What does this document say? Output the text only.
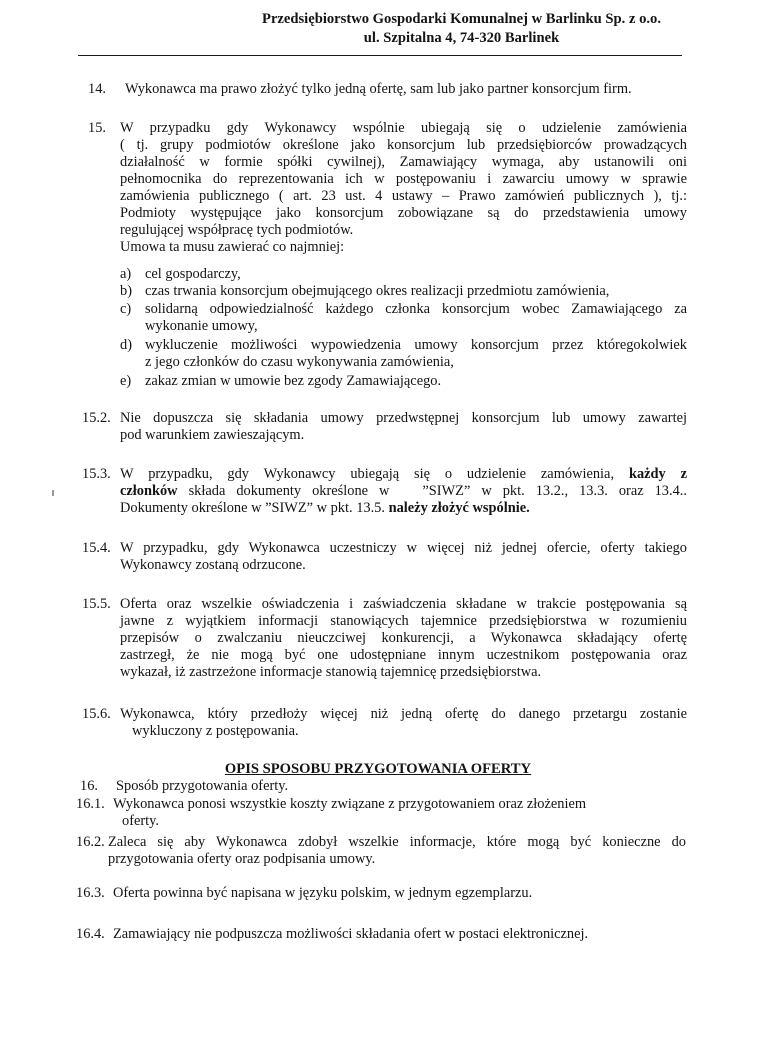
Przedsiębiorstwo Gospodarki Komunalnej w Barlinku Sp. z o.o.
ul. Szpitalna 4, 74-320 Barlinek
14. Wykonawca ma prawo złożyć tylko jedną ofertę, sam lub jako partner konsorcjum firm.
15. W przypadku gdy Wykonawcy wspólnie ubiegają się o udzielenie zamówienia
( tj. grupy podmiotów określone jako konsorcjum lub przedsiębiorców prowadzących
działalność w formie spółki cywilnej), Zamawiający wymaga, aby ustanowili oni
pełnomocnika do reprezentowania ich w postępowaniu i zawarciu umowy w sprawie
zamówienia publicznego ( art. 23 ust. 4 ustawy – Prawo zamówień publicznych ), tj.:
Podmioty występujące jako konsorcjum zobowiązane są do przedstawienia umowy
regulującej współpracę tych podmiotów.
Umowa ta musu zawierać co najmniej:
a) cel gospodarczy,
b) czas trwania konsorcjum obejmującego okres realizacji przedmiotu zamówienia,
c) solidarną odpowiedzialność każdego członka konsorcjum wobec Zamawiającego za
wykonanie umowy,
d) wykluczenie możliwości wypowiedzenia umowy konsorcjum przez któregokolwiek
z jego członków do czasu wykonywania zamówienia,
e) zakaz zmian w umowie bez zgody Zamawiającego.
15.2. Nie dopuszcza się składania umowy przedwstępnej konsorcjum lub umowy zawartej
pod warunkiem zawieszającym.
15.3. W przypadku, gdy Wykonawcy ubiegają się o udzielenie zamówienia, każdy z
członków składa dokumenty określone w   ”SIWZ” w pkt. 13.2., 13.3. oraz 13.4..
Dokumenty określone w ”SIWZ” w pkt. 13.5. należy złożyć wspólnie.
15.4. W przypadku, gdy Wykonawca uczestniczy w więcej niż jednej ofercie, oferty takiego
Wykonawcy zostaną odrzucone.
15.5. Oferta oraz wszelkie oświadczenia i zaświadczenia składane w trakcie postępowania są
jawne z wyjątkiem informacji stanowiących tajemnice przedsiębiorstwa w rozumieniu
przepisów o zwalczaniu nieuczciwej konkurencji, a Wykonawca składający ofertę
zastrzegł, że nie mogą być one udostępniane innym uczestnikom postępowania oraz
wykazał, iż zastrzeżone informacje stanowią tajemnicę przedsiębiorstwa.
15.6. Wykonawca, który przedłoży więcej niż jedną ofertę do danego przetargu zostanie
wykluczony z postępowania.
OPIS SPOSOBU PRZYGOTOWANIA OFERTY
16. Sposób przygotowania oferty.
16.1. Wykonawca ponosi wszystkie koszty związane z przygotowaniem oraz złożeniem
oferty.
16.2. Zaleca się aby Wykonawca zdobył wszelkie informacje, które mogą być konieczne do
przygotowania oferty oraz podpisania umowy.
16.3. Oferta powinna być napisana w języku polskim, w jednym egzemplarzu.
16.4. Zamawiający nie podpuszcza możliwości składania ofert w postaci elektronicznej.
